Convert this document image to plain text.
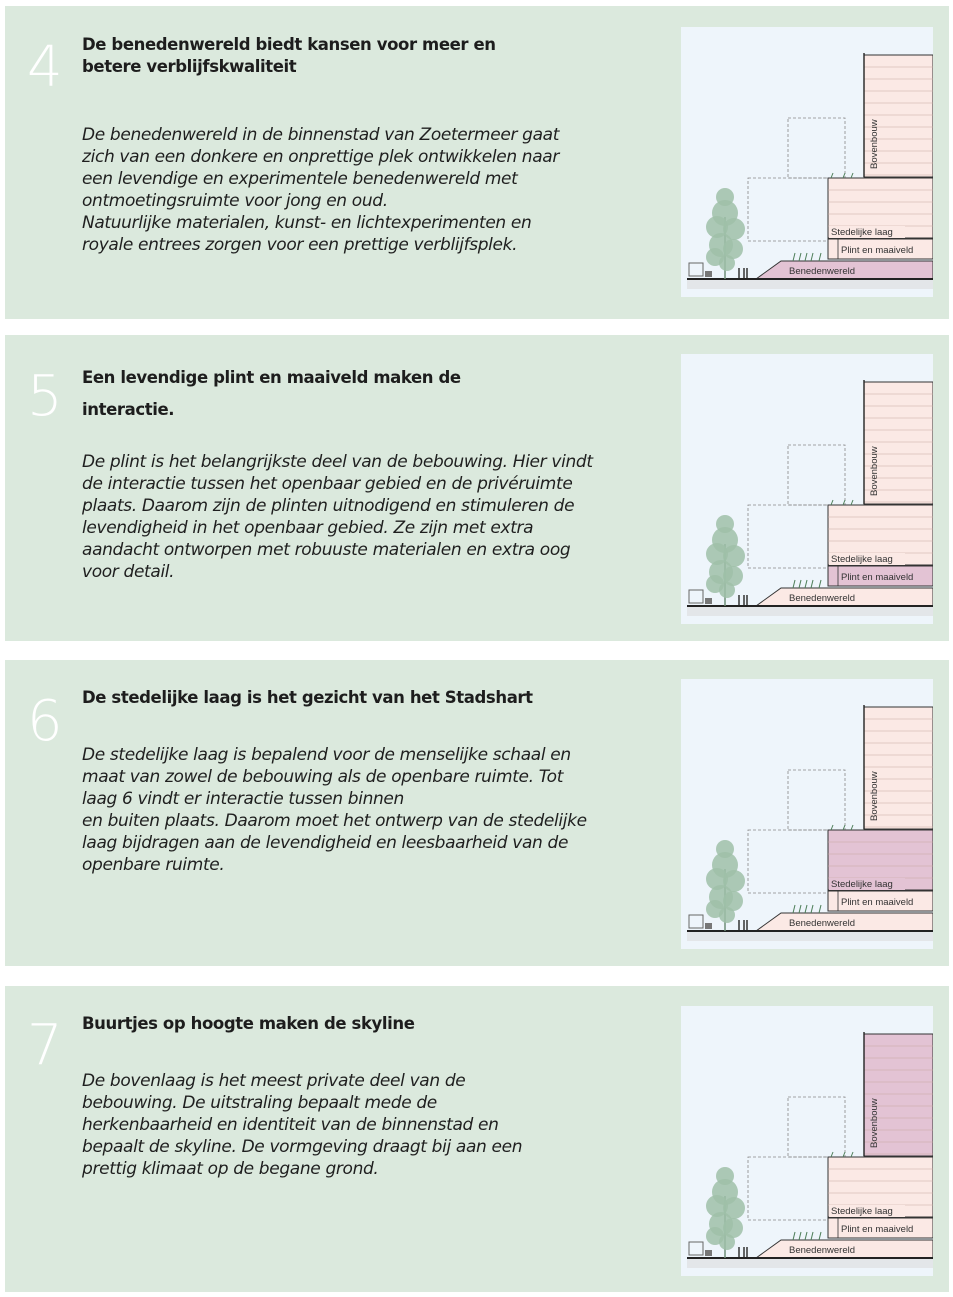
4 De benedenwereld biedt kansen voor meer en betere verblijfskwaliteit
De benedenwereld in de binnenstad van Zoetermeer gaat
zich van een donkere en onprettige plek ontwikkelen naar
een levendige en experimentele benedenwereld met
ontmoetingsruimte voor jong en oud.
Natuurlijke materialen, kunst- en lichtexperimenten en
royale entrees zorgen voor een prettige verblijfsplek.
Bovenbouw
Stedelijke laag
Plint en maaiveld
Benedenwereld
5 Een levendige plint en maaiveld maken de interactie.
De plint is het belangrijkste deel van de bebouwing. Hier vindt
de interactie tussen het openbaar gebied en de privéruimte
plaats. Daarom zijn de plinten uitnodigend en stimuleren de
levendigheid in het openbaar gebied. Ze zijn met extra
aandacht ontworpen met robuuste materialen en extra oog
voor detail.
Bovenbouw
Stedelijke laag
Plint en maaiveld
Benedenwereld
6 De stedelijke laag is het gezicht van het Stadshart
De stedelijke laag is bepalend voor de menselijke schaal en
maat van zowel de bebouwing als de openbare ruimte. Tot
laag 6 vindt er interactie tussen binnen
en buiten plaats. Daarom moet het ontwerp van de stedelijke
laag bijdragen aan de levendigheid en leesbaarheid van de
openbare ruimte.
Bovenbouw
Stedelijke laag
Plint en maaiveld
Benedenwereld
7 Buurtjes op hoogte maken de skyline
De bovenlaag is het meest private deel van de
bebouwing. De uitstraling bepaalt mede de
herkenbaarheid en identiteit van de binnenstad en
bepaalt de skyline. De vormgeving draagt bij aan een
prettig klimaat op de begane grond.
Bovenbouw
Stedelijke laag
Plint en maaiveld
Benedenwereld
